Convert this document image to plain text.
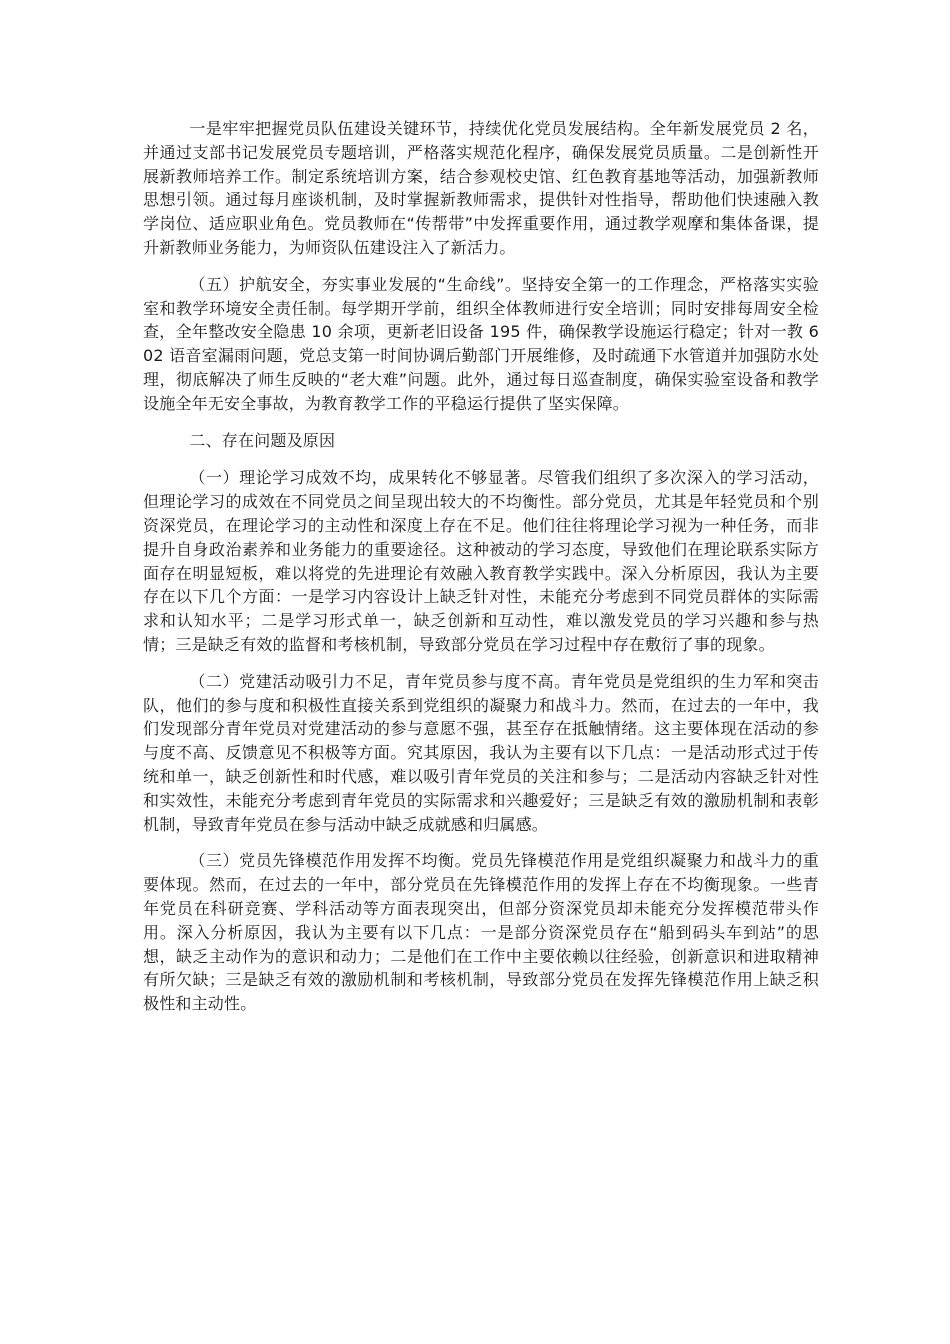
一是牢牢把握党员队伍建设关键环节，持续优化党员发展结构。全年新发展党员 2 名，并通过支部书记发展党员专题培训，严格落实规范化程序，确保发展党员质量。二是创新性开展新教师培养工作。制定系统培训方案，结合参观校史馆、红色教育基地等活动，加强新教师思想引领。通过每月座谈机制，及时掌握新教师需求，提供针对性指导，帮助他们快速融入教学岗位、适应职业角色。党员教师在“传帮带”中发挥重要作用，通过教学观摩和集体备课，提升新教师业务能力，为师资队伍建设注入了新活力。

（五）护航安全，夯实事业发展的“生命线”。坚持安全第一的工作理念，严格落实实验室和教学环境安全责任制。每学期开学前，组织全体教师进行安全培训；同时安排每周安全检查，全年整改安全隐患 10 余项，更新老旧设备 195 件，确保教学设施运行稳定；针对一教 602 语音室漏雨问题，党总支第一时间协调后勤部门开展维修，及时疏通下水管道并加强防水处理，彻底解决了师生反映的“老大难”问题。此外，通过每日巡查制度，确保实验室设备和教学设施全年无安全事故，为教育教学工作的平稳运行提供了坚实保障。

二、存在问题及原因

（一）理论学习成效不均，成果转化不够显著。尽管我们组织了多次深入的学习活动，但理论学习的成效在不同党员之间呈现出较大的不均衡性。部分党员，尤其是年轻党员和个别资深党员，在理论学习的主动性和深度上存在不足。他们往往将理论学习视为一种任务，而非提升自身政治素养和业务能力的重要途径。这种被动的学习态度，导致他们在理论联系实际方面存在明显短板，难以将党的先进理论有效融入教育教学实践中。深入分析原因，我认为主要存在以下几个方面：一是学习内容设计上缺乏针对性，未能充分考虑到不同党员群体的实际需求和认知水平；二是学习形式单一，缺乏创新和互动性，难以激发党员的学习兴趣和参与热情；三是缺乏有效的监督和考核机制，导致部分党员在学习过程中存在敷衍了事的现象。

（二）党建活动吸引力不足，青年党员参与度不高。青年党员是党组织的生力军和突击队，他们的参与度和积极性直接关系到党组织的凝聚力和战斗力。然而，在过去的一年中，我们发现部分青年党员对党建活动的参与意愿不强，甚至存在抵触情绪。这主要体现在活动的参与度不高、反馈意见不积极等方面。究其原因，我认为主要有以下几点：一是活动形式过于传统和单一，缺乏创新性和时代感，难以吸引青年党员的关注和参与；二是活动内容缺乏针对性和实效性，未能充分考虑到青年党员的实际需求和兴趣爱好；三是缺乏有效的激励机制和表彰机制，导致青年党员在参与活动中缺乏成就感和归属感。

（三）党员先锋模范作用发挥不均衡。党员先锋模范作用是党组织凝聚力和战斗力的重要体现。然而，在过去的一年中，部分党员在先锋模范作用的发挥上存在不均衡现象。一些青年党员在科研竞赛、学科活动等方面表现突出，但部分资深党员却未能充分发挥模范带头作用。深入分析原因，我认为主要有以下几点：一是部分资深党员存在“船到码头车到站”的思想，缺乏主动作为的意识和动力；二是他们在工作中主要依赖以往经验，创新意识和进取精神有所欠缺；三是缺乏有效的激励机制和考核机制，导致部分党员在发挥先锋模范作用上缺乏积极性和主动性。
